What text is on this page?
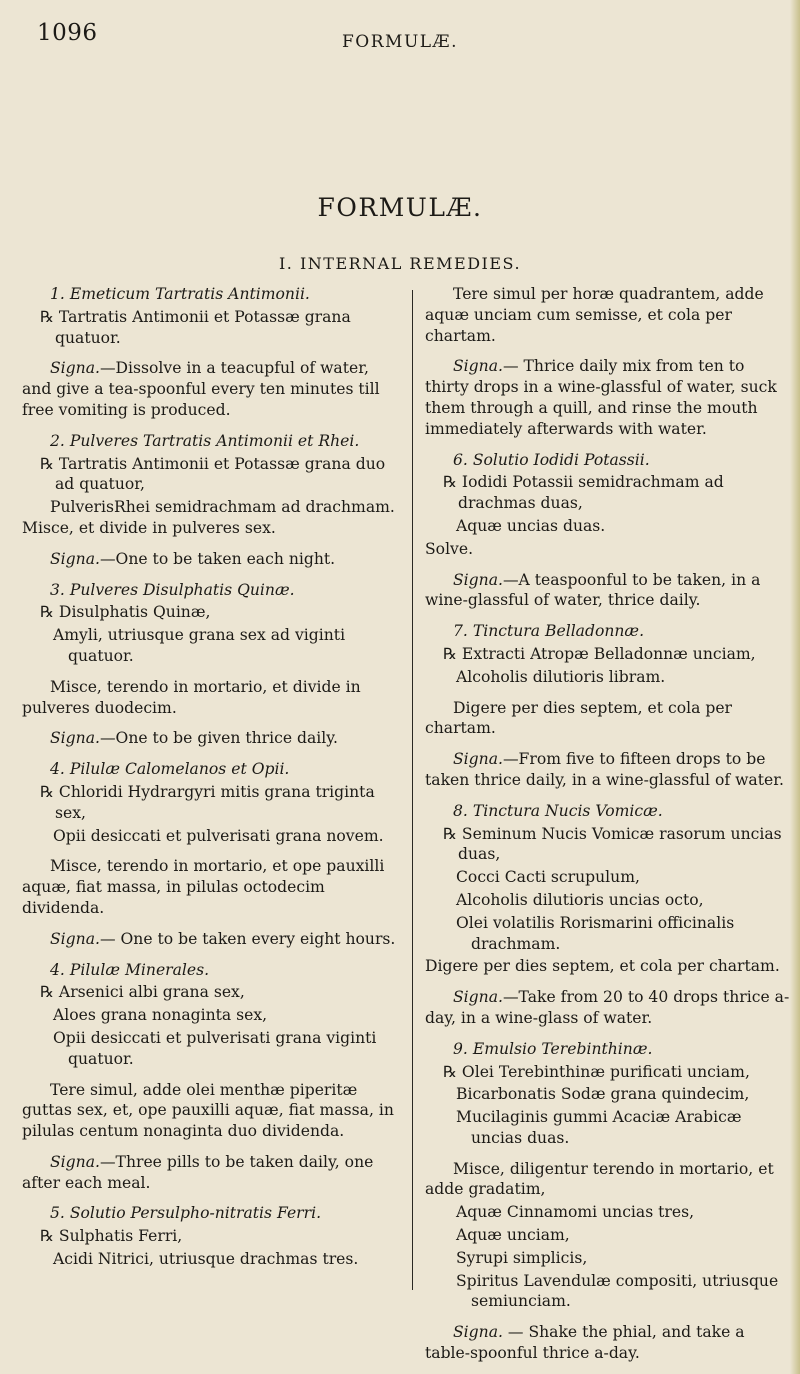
1096	FORMULÆ.
FORMULÆ.
I. INTERNAL REMEDIES.

1. Emeticum Tartratis Antimonii.

℞ Tartratis Antimonii et Potassæ grana quatuor.

Signa.—Dissolve in a teacupful of water, and give a tea-spoonful every ten minutes till free vomiting is produced.

2. Pulveres Tartratis Antimonii et Rhei.

℞ Tartratis Antimonii et Potassæ grana duo ad quatuor,

PulverisRhei semidrachmam ad drachmam. Misce, et divide in pulveres sex.

Signa.—One to be taken each night.

3. Pulveres Disulphatis Quinæ.

℞ Disulphatis Quinæ,

Amyli, utriusque grana sex ad viginti quatuor.

Misce, terendo in mortario, et divide in pulveres duodecim.

Signa.—One to be given thrice daily.

4. Pilulæ Calomelanos et Opii.

℞ Chloridi Hydrargyri mitis grana triginta sex,

Opii desiccati et pulverisati grana novem.

Misce, terendo in mortario, et ope pauxilli aquæ, fiat massa, in pilulas octodecim dividenda.

Signa.— One to be taken every eight hours.

4. Pilulæ Minerales.

℞ Arsenici albi grana sex,

Aloes grana nonaginta sex,

Opii desiccati et pulverisati grana viginti quatuor.

Tere simul, adde olei menthæ piperitæ guttas sex, et, ope pauxilli aquæ, fiat massa, in pilulas centum nonaginta duo dividenda.

Signa.—Three pills to be taken daily, one after each meal.

5. Solutio Persulpho-nitratis Ferri.

℞ Sulphatis Ferri,

Acidi Nitrici, utriusque drachmas tres.

Tere simul per horæ quadrantem, adde aquæ unciam cum semisse, et cola per chartam.

Signa.— Thrice daily mix from ten to thirty drops in a wine-glassful of water, suck them through a quill, and rinse the mouth immediately afterwards with water.

6. Solutio Iodidi Potassii.

℞ Iodidi Potassii semidrachmam ad drachmas duas,

Aquæ uncias duas.

Solve.

Signa.—A teaspoonful to be taken, in a wine-glassful of water, thrice daily.

7. Tinctura Belladonnæ.

℞ Extracti Atropæ Belladonnæ unciam,

Alcoholis dilutioris libram.

Digere per dies septem, et cola per chartam.

Signa.—From five to fifteen drops to be taken thrice daily, in a wine-glassful of water.

8. Tinctura Nucis Vomicæ.

℞ Seminum Nucis Vomicæ rasorum uncias duas,

Cocci Cacti scrupulum,

Alcoholis dilutioris uncias octo,

Olei volatilis Rorismarini officinalis drachmam.

Digere per dies septem, et cola per chartam.

Signa.—Take from 20 to 40 drops thrice a-day, in a wine-glass of water.

9. Emulsio Terebinthinæ.

℞ Olei Terebinthinæ purificati unciam,

Bicarbonatis Sodæ grana quindecim,

Mucilaginis gummi Acaciæ Arabicæ uncias duas.

Misce, diligentur terendo in mortario, et adde gradatim,

Aquæ Cinnamomi uncias tres,

Aquæ unciam,

Syrupi simplicis,

Spiritus Lavendulæ compositi, utriusque semiunciam.

Signa. — Shake the phial, and take a table-spoonful thrice a-day.
